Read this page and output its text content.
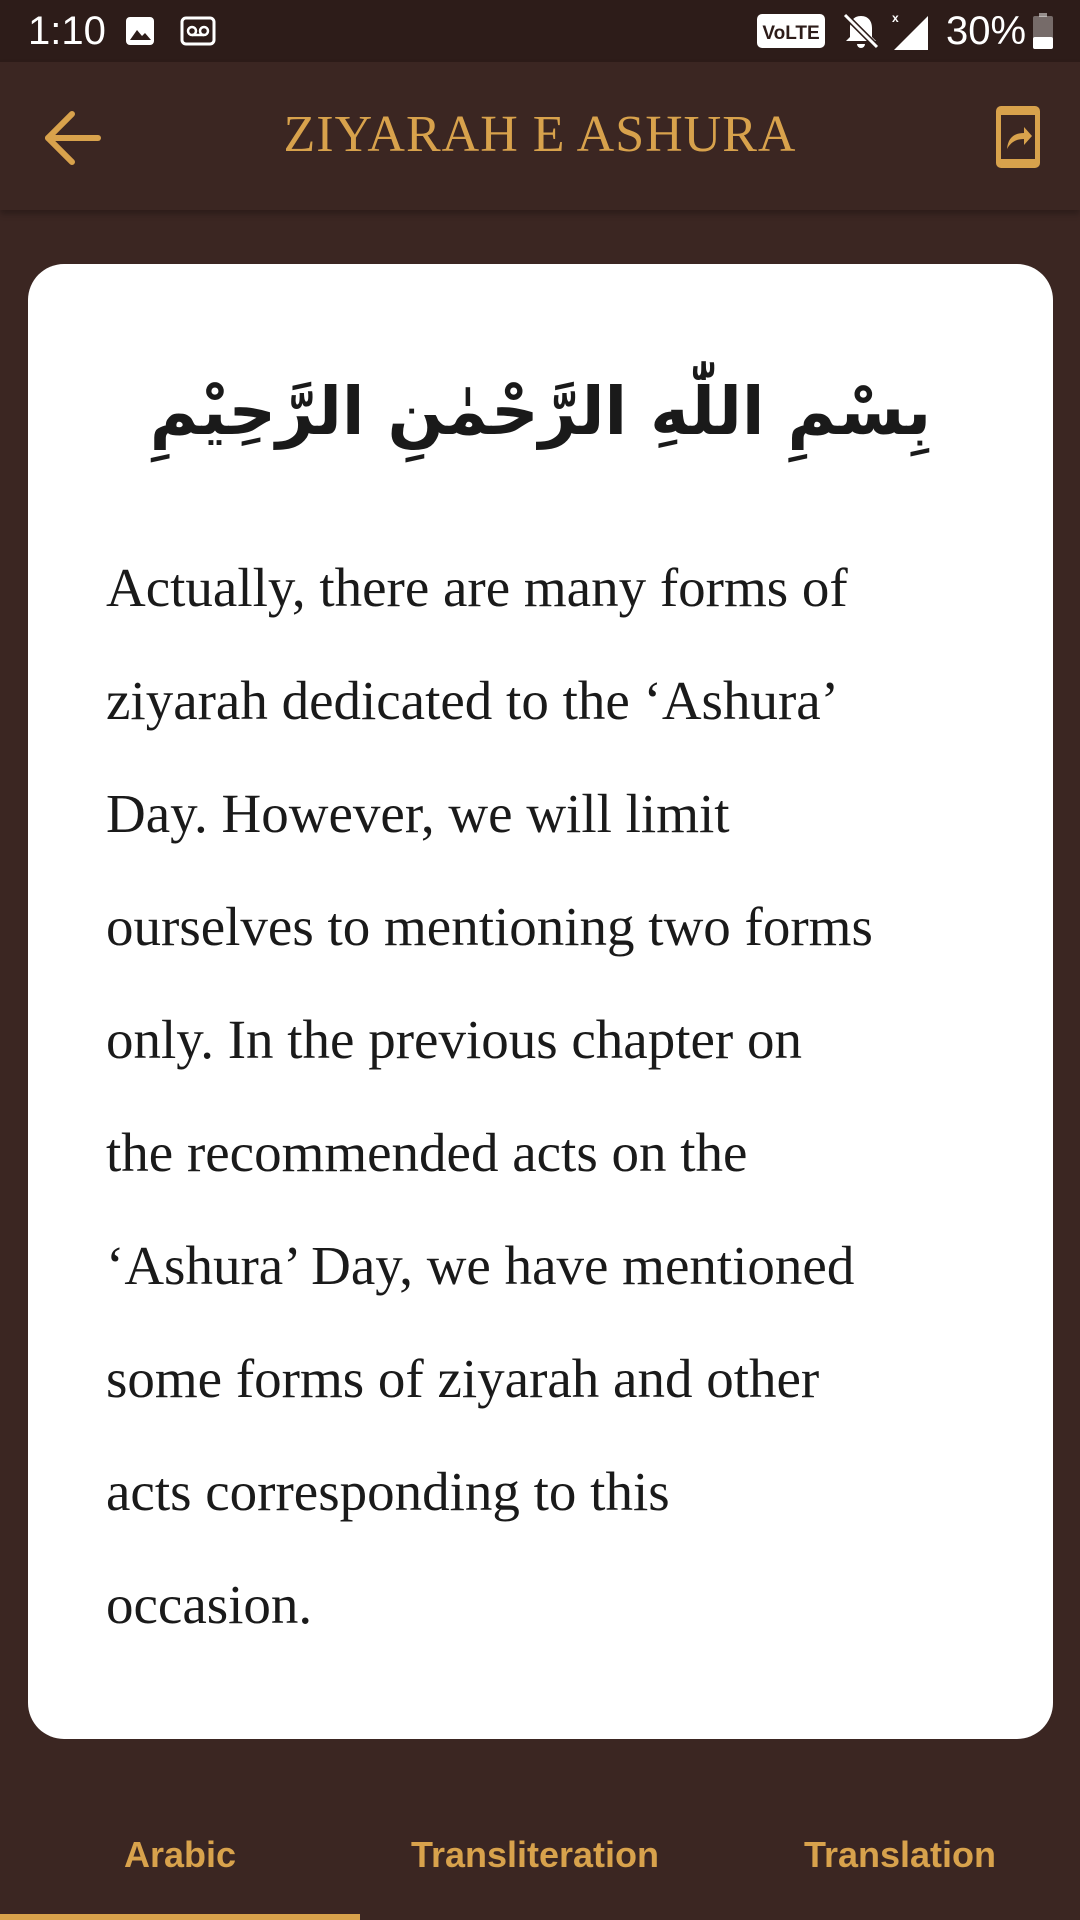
1:10	VoLTE
x 30%
ZIYARAH E ASHURA
بِسْمِ اللّٰهِ الرَّحْمٰنِ الرَّحِيْمِ

Actually, there are many forms of
ziyarah dedicated to the ‘Ashura’
Day. However, we will limit
ourselves to mentioning two forms
only. In the previous chapter on
the recommended acts on the
‘Ashura’ Day, we have mentioned
some forms of ziyarah and other
acts corresponding to this
occasion.

Arabic	Transliteration	Translation
